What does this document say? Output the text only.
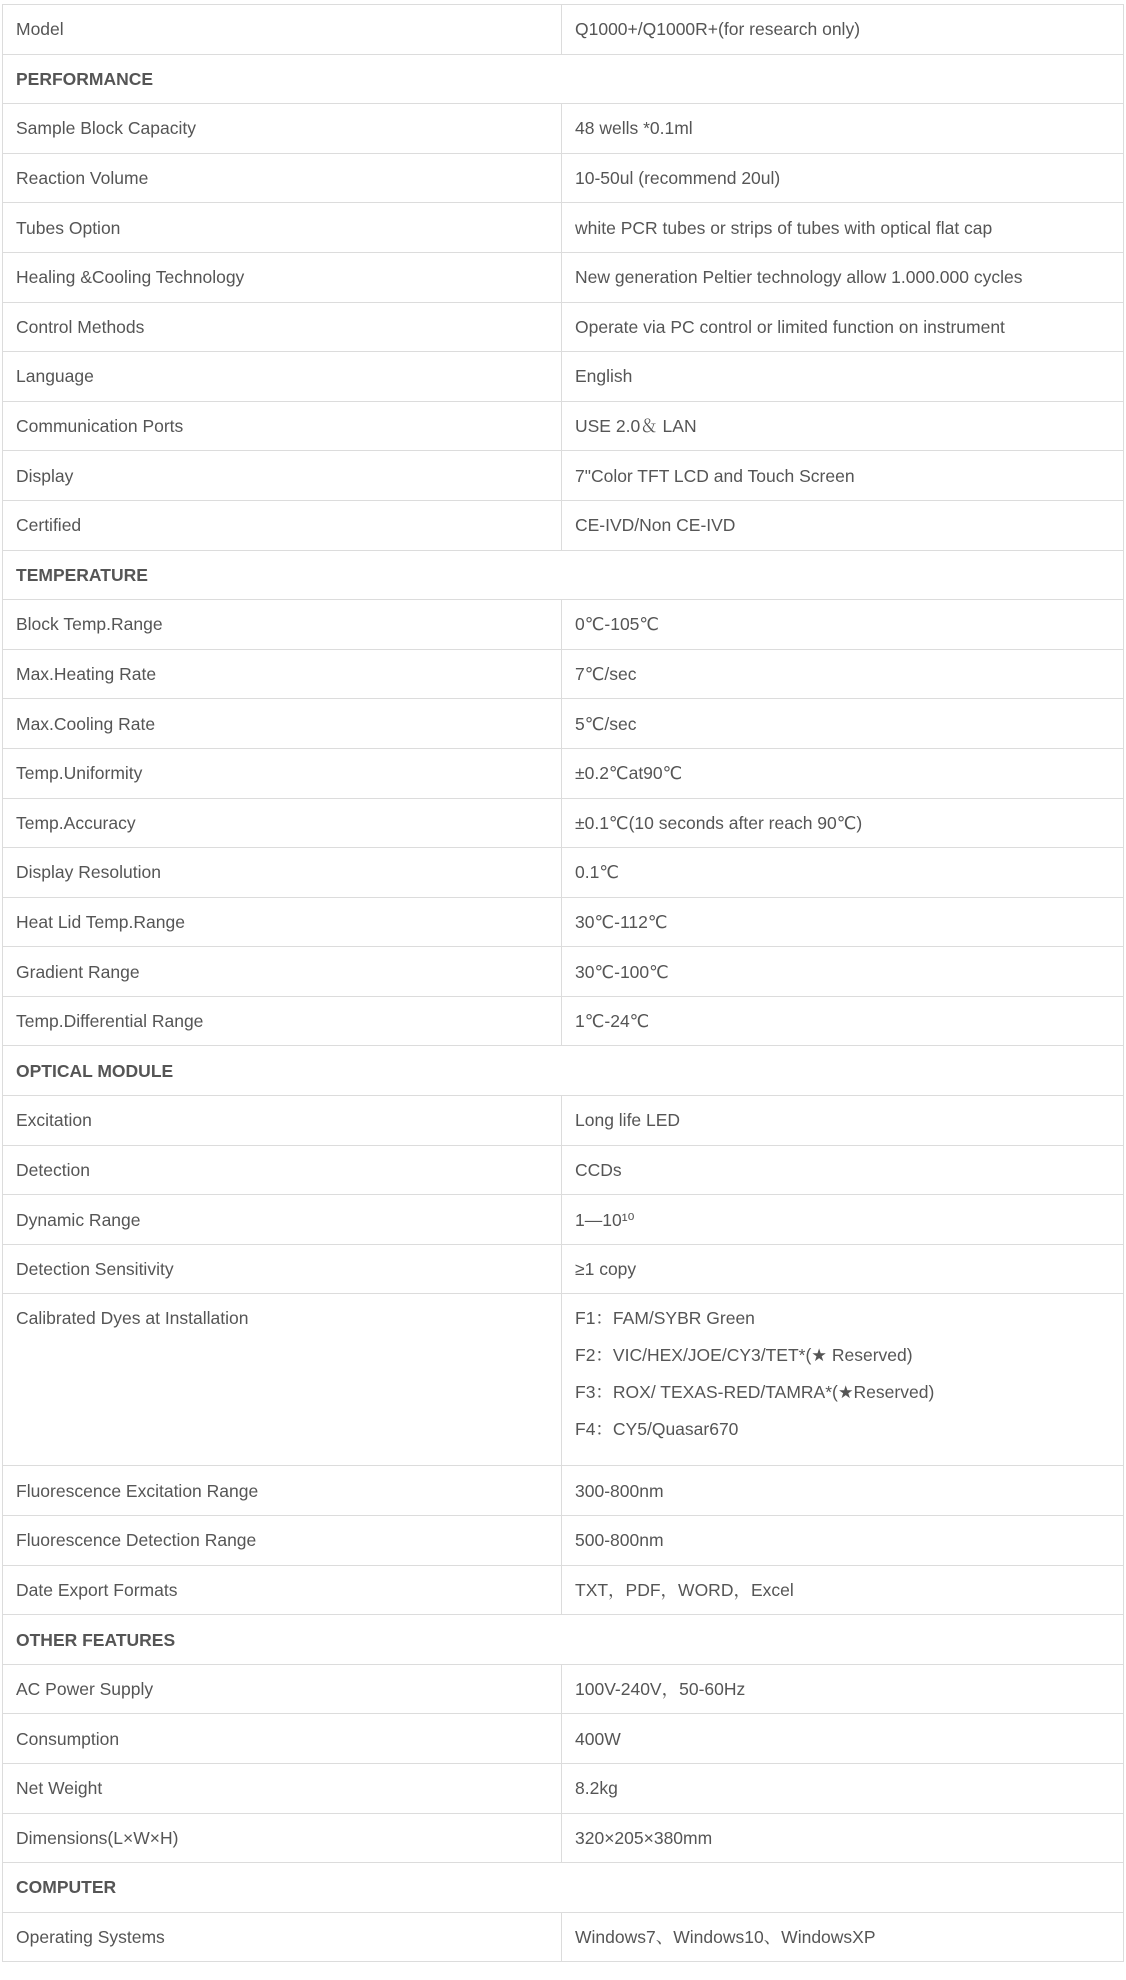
Model	Q1000+/Q1000R+(for research only)
PERFORMANCE	
Sample Block Capacity	48 wells *0.1ml
Reaction Volume	10-50ul (recommend 20ul)
Tubes Option	white PCR tubes or strips of tubes with optical flat cap
Healing &Cooling Technology	New generation Peltier technology allow 1.000.000 cycles
Control Methods	Operate via PC control or limited function on instrument
Language	English
Communication Ports	USE 2.0＆ LAN
Display	7"Color TFT LCD and Touch Screen
Certified	CE-IVD/Non CE-IVD
TEMPERATURE	
Block Temp.Range	0℃-105℃
Max.Heating Rate	7℃/sec
Max.Cooling Rate	5℃/sec
Temp.Uniformity	±0.2℃at90℃
Temp.Accuracy	±0.1℃(10 seconds after reach 90℃)
Display Resolution	0.1℃
Heat Lid Temp.Range	30℃-112℃
Gradient Range	30℃-100℃
Temp.Differential Range	1℃-24℃
OPTICAL MODULE	
Excitation	Long life LED
Detection	CCDs
Dynamic Range	1—10¹⁰
Detection Sensitivity	≥1 copy
Calibrated Dyes at Installation	F1：FAM/SYBR Green
F2：VIC/HEX/JOE/CY3/TET*(★ Reserved)
F3：ROX/ TEXAS-RED/TAMRA*(★Reserved)
F4：CY5/Quasar670

Fluorescence Excitation Range	300-800nm
Fluorescence Detection Range	500-800nm
Date Export Formats	TXT，PDF，WORD，Excel
OTHER FEATURES	
AC Power Supply	100V-240V，50-60Hz
Consumption	400W
Net Weight	8.2kg
Dimensions(L×W×H)	320×205×380mm
COMPUTER	
Operating Systems	Windows7、Windows10、WindowsXP
